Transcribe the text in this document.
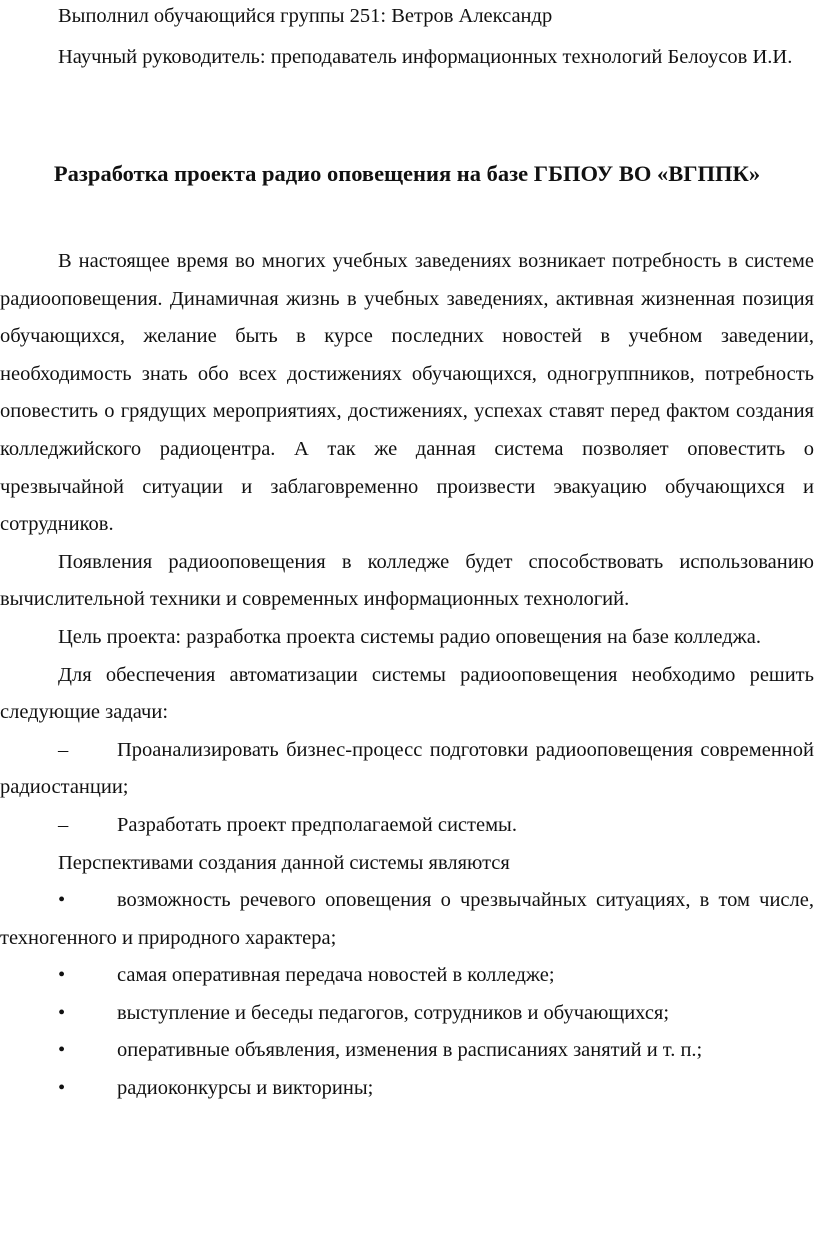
Выполнил обучающийся группы 251: Ветров Александр

Научный руководитель: преподаватель информационных технологий Белоусов И.И.

Разработка проекта радио оповещения на базе ГБПОУ ВО «ВГППК»

В настоящее время во многих учебных заведениях возникает потребность в системе радиооповещения. Динамичная жизнь в учебных заведениях, активная жизненная позиция обучающихся, желание быть в курсе последних новостей в учебном заведении, необходимость знать обо всех достижениях обучающихся, одногруппников, потребность оповестить о грядущих мероприятиях, достижениях, успехах ставят перед фактом создания колледжийского радиоцентра. А так же данная система позволяет оповестить о чрезвычайной ситуации и заблаговременно произвести эвакуацию обучающихся и сотрудников.

Появления радиооповещения в колледже будет способствовать использованию вычислительной техники и современных информационных технологий.

Цель проекта: разработка проекта системы радио оповещения на базе колледжа.

Для обеспечения автоматизации системы радиооповещения необходимо решить следующие задачи:

–	Проанализировать бизнес-процесс подготовки радиооповещения современной радиостанции;

–	Разработать проект предполагаемой системы.

Перспективами создания данной системы являются

•	возможность речевого оповещения о чрезвычайных ситуациях, в том числе, техногенного и природного характера;

•	самая оперативная передача новостей в колледже;

•	выступление и беседы педагогов, сотрудников и обучающихся;

•	оперативные объявления, изменения в расписаниях занятий и т. п.;

•	радиоконкурсы и викторины;
